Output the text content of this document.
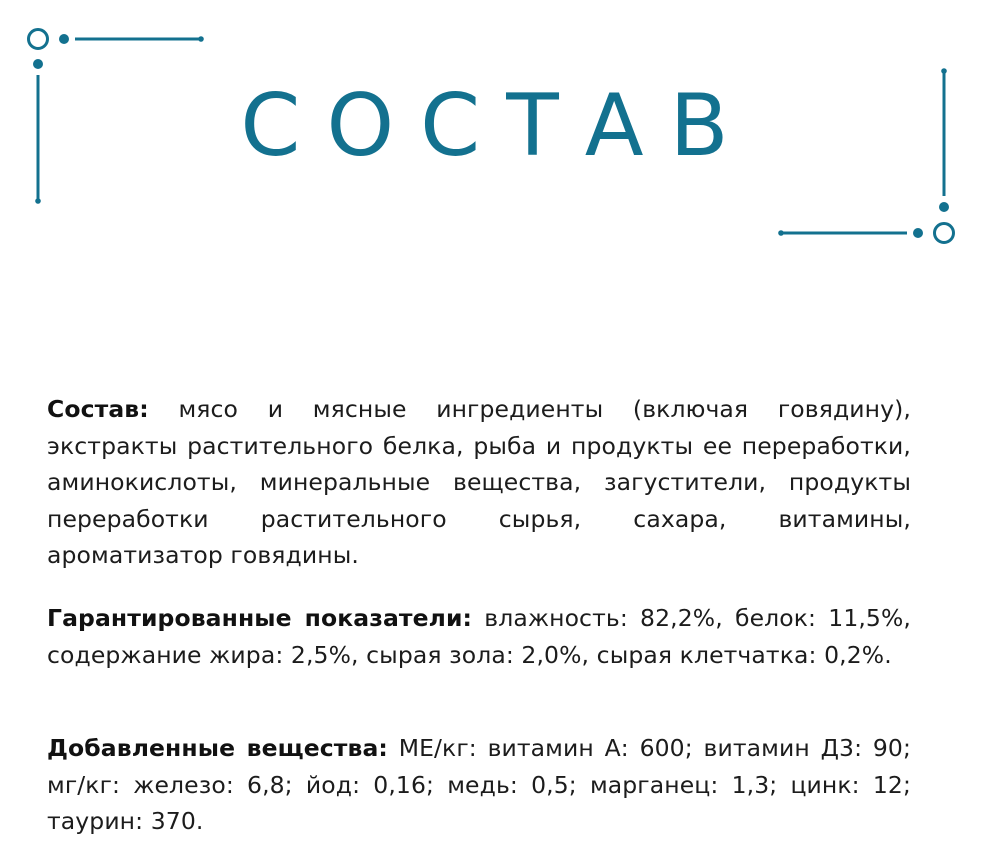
СОСТАВ

Состав: мясо и мясные ингредиенты (включая говядину), экстракты растительного белка, рыба и продукты ее переработки, аминокислоты, минеральные вещества, загустители, продукты переработки растительного сырья, сахара, витамины, ароматизатор говядины.

Гарантированные показатели: влажность: 82,2%, белок: 11,5%, содержание жира: 2,5%, сырая зола: 2,0%, сырая клетчатка: 0,2%.

Добавленные вещества: МЕ/кг: витамин А: 600; витамин Д3: 90; мг/кг: железо: 6,8; йод: 0,16; медь: 0,5; марганец: 1,3; цинк: 12; таурин: 370.
